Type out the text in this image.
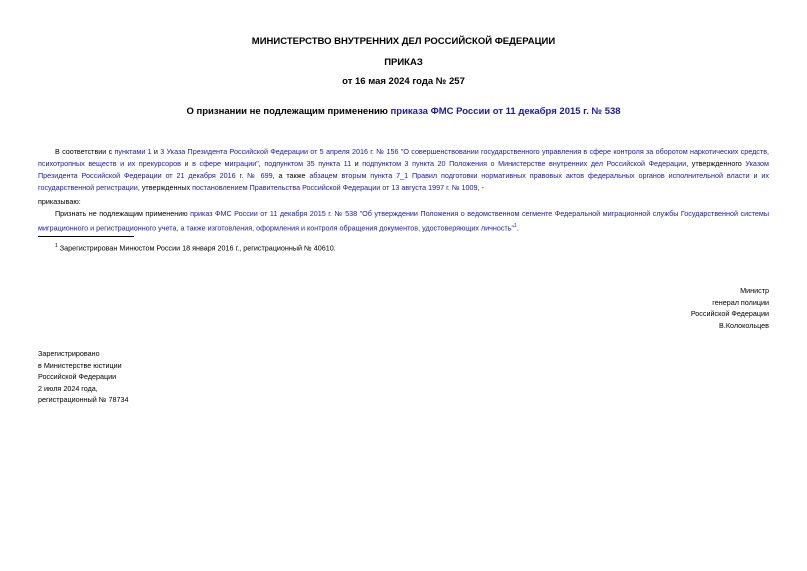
МИНИСТЕРСТВО ВНУТРЕННИХ ДЕЛ РОССИЙСКОЙ ФЕДЕРАЦИИ
ПРИКАЗ
от 16 мая 2024 года № 257
О признании не подлежащим применению приказа ФМС России от 11 декабря 2015 г. № 538
В соответствии с пунктами 1 и 3 Указа Президента Российской Федерации от 5 апреля 2016 г. № 156 "О совершенствовании государственного управления в сфере контроля за оборотом наркотических средств, психотропных веществ и их прекурсоров и в сфере миграции", подпунктом 35 пункта 11 и подпунктом 3 пункта 20 Положения о Министерстве внутренних дел Российской Федерации, утвержденного Указом Президента Российской Федерации от 21 декабря 2016 г. № 699, а также абзацем вторым пункта 7_1 Правил подготовки нормативных правовых актов федеральных органов исполнительной власти и их государственной регистрации, утвержденных постановлением Правительства Российской Федерации от 13 августа 1997 г. № 1009, -
приказываю:
Признать не подлежащим применению приказ ФМС России от 11 декабря 2015 г. № 538 "Об утверждении Положения о ведомственном сегменте Федеральной миграционной службы Государственной системы миграционного и регистрационного учета, а также изготовления, оформления и контроля обращения документов, удостоверяющих личность"$^1$.
$^1$ Зарегистрирован Минюстом России 18 января 2016 г., регистрационный № 40610.
Министр
генерал полиции
Российской Федерации
В.Колокольцев
Зарегистрировано
в Министерстве юстиции
Российской Федерации
2 июля 2024 года,
регистрационный № 78734
